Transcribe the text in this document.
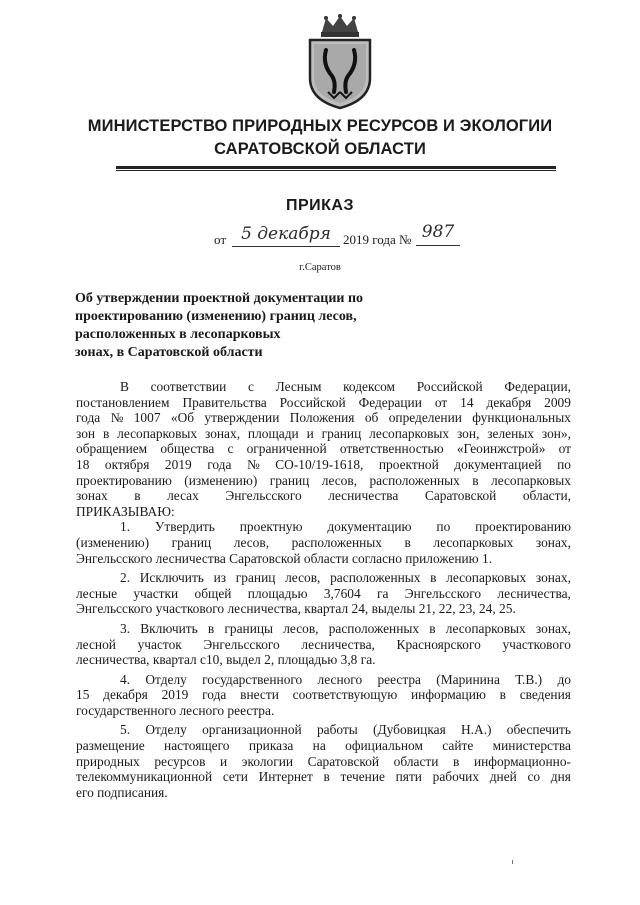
МИНИСТЕРСТВО ПРИРОДНЫХ РЕСУРСОВ И ЭКОЛОГИИ
САРАТОВСКОЙ ОБЛАСТИ
ПРИКАЗ
от 5 декабря 2019 года № 987
г.Саратов
Об утверждении проектной документации по
проектированию (изменению) границ лесов,
расположенных в лесопарковых
зонах, в Саратовской области
В соответствии с Лесным кодексом Российской Федерации,
постановлением Правительства Российской Федерации от 14 декабря 2009
года № 1007 «Об утверждении Положения об определении функциональных
зон в лесопарковых зонах, площади и границ лесопарковых зон, зеленых зон»,
обращением общества с ограниченной ответственностью «Геоинжстрой» от
18 октября 2019 года № СО-10/19-1618, проектной документацией по
проектированию (изменению) границ лесов, расположенных в лесопарковых
зонах в лесах Энгельсского лесничества Саратовской области,
ПРИКАЗЫВАЮ:
1. Утвердить проектную документацию по проектированию
(изменению) границ лесов, расположенных в лесопарковых зонах,
Энгельсского лесничества Саратовской области согласно приложению 1.
2. Исключить из границ лесов, расположенных в лесопарковых зонах,
лесные участки общей площадью 3,7604 га Энгельсского лесничества,
Энгельсского участкового лесничества, квартал 24, выделы 21, 22, 23, 24, 25.
3. Включить в границы лесов, расположенных в лесопарковых зонах,
лесной участок Энгельсского лесничества, Красноярского участкового
лесничества, квартал с10, выдел 2, площадью 3,8 га.
4. Отделу государственного лесного реестра (Маринина Т.В.) до
15 декабря 2019 года внести соответствующую информацию в сведения
государственного лесного реестра.
5. Отделу организационной работы (Дубовицкая Н.А.) обеспечить
размещение настоящего приказа на официальном сайте министерства
природных ресурсов и экологии Саратовской области в информационно-
телекоммуникационной сети Интернет в течение пяти рабочих дней со дня
его подписания.
